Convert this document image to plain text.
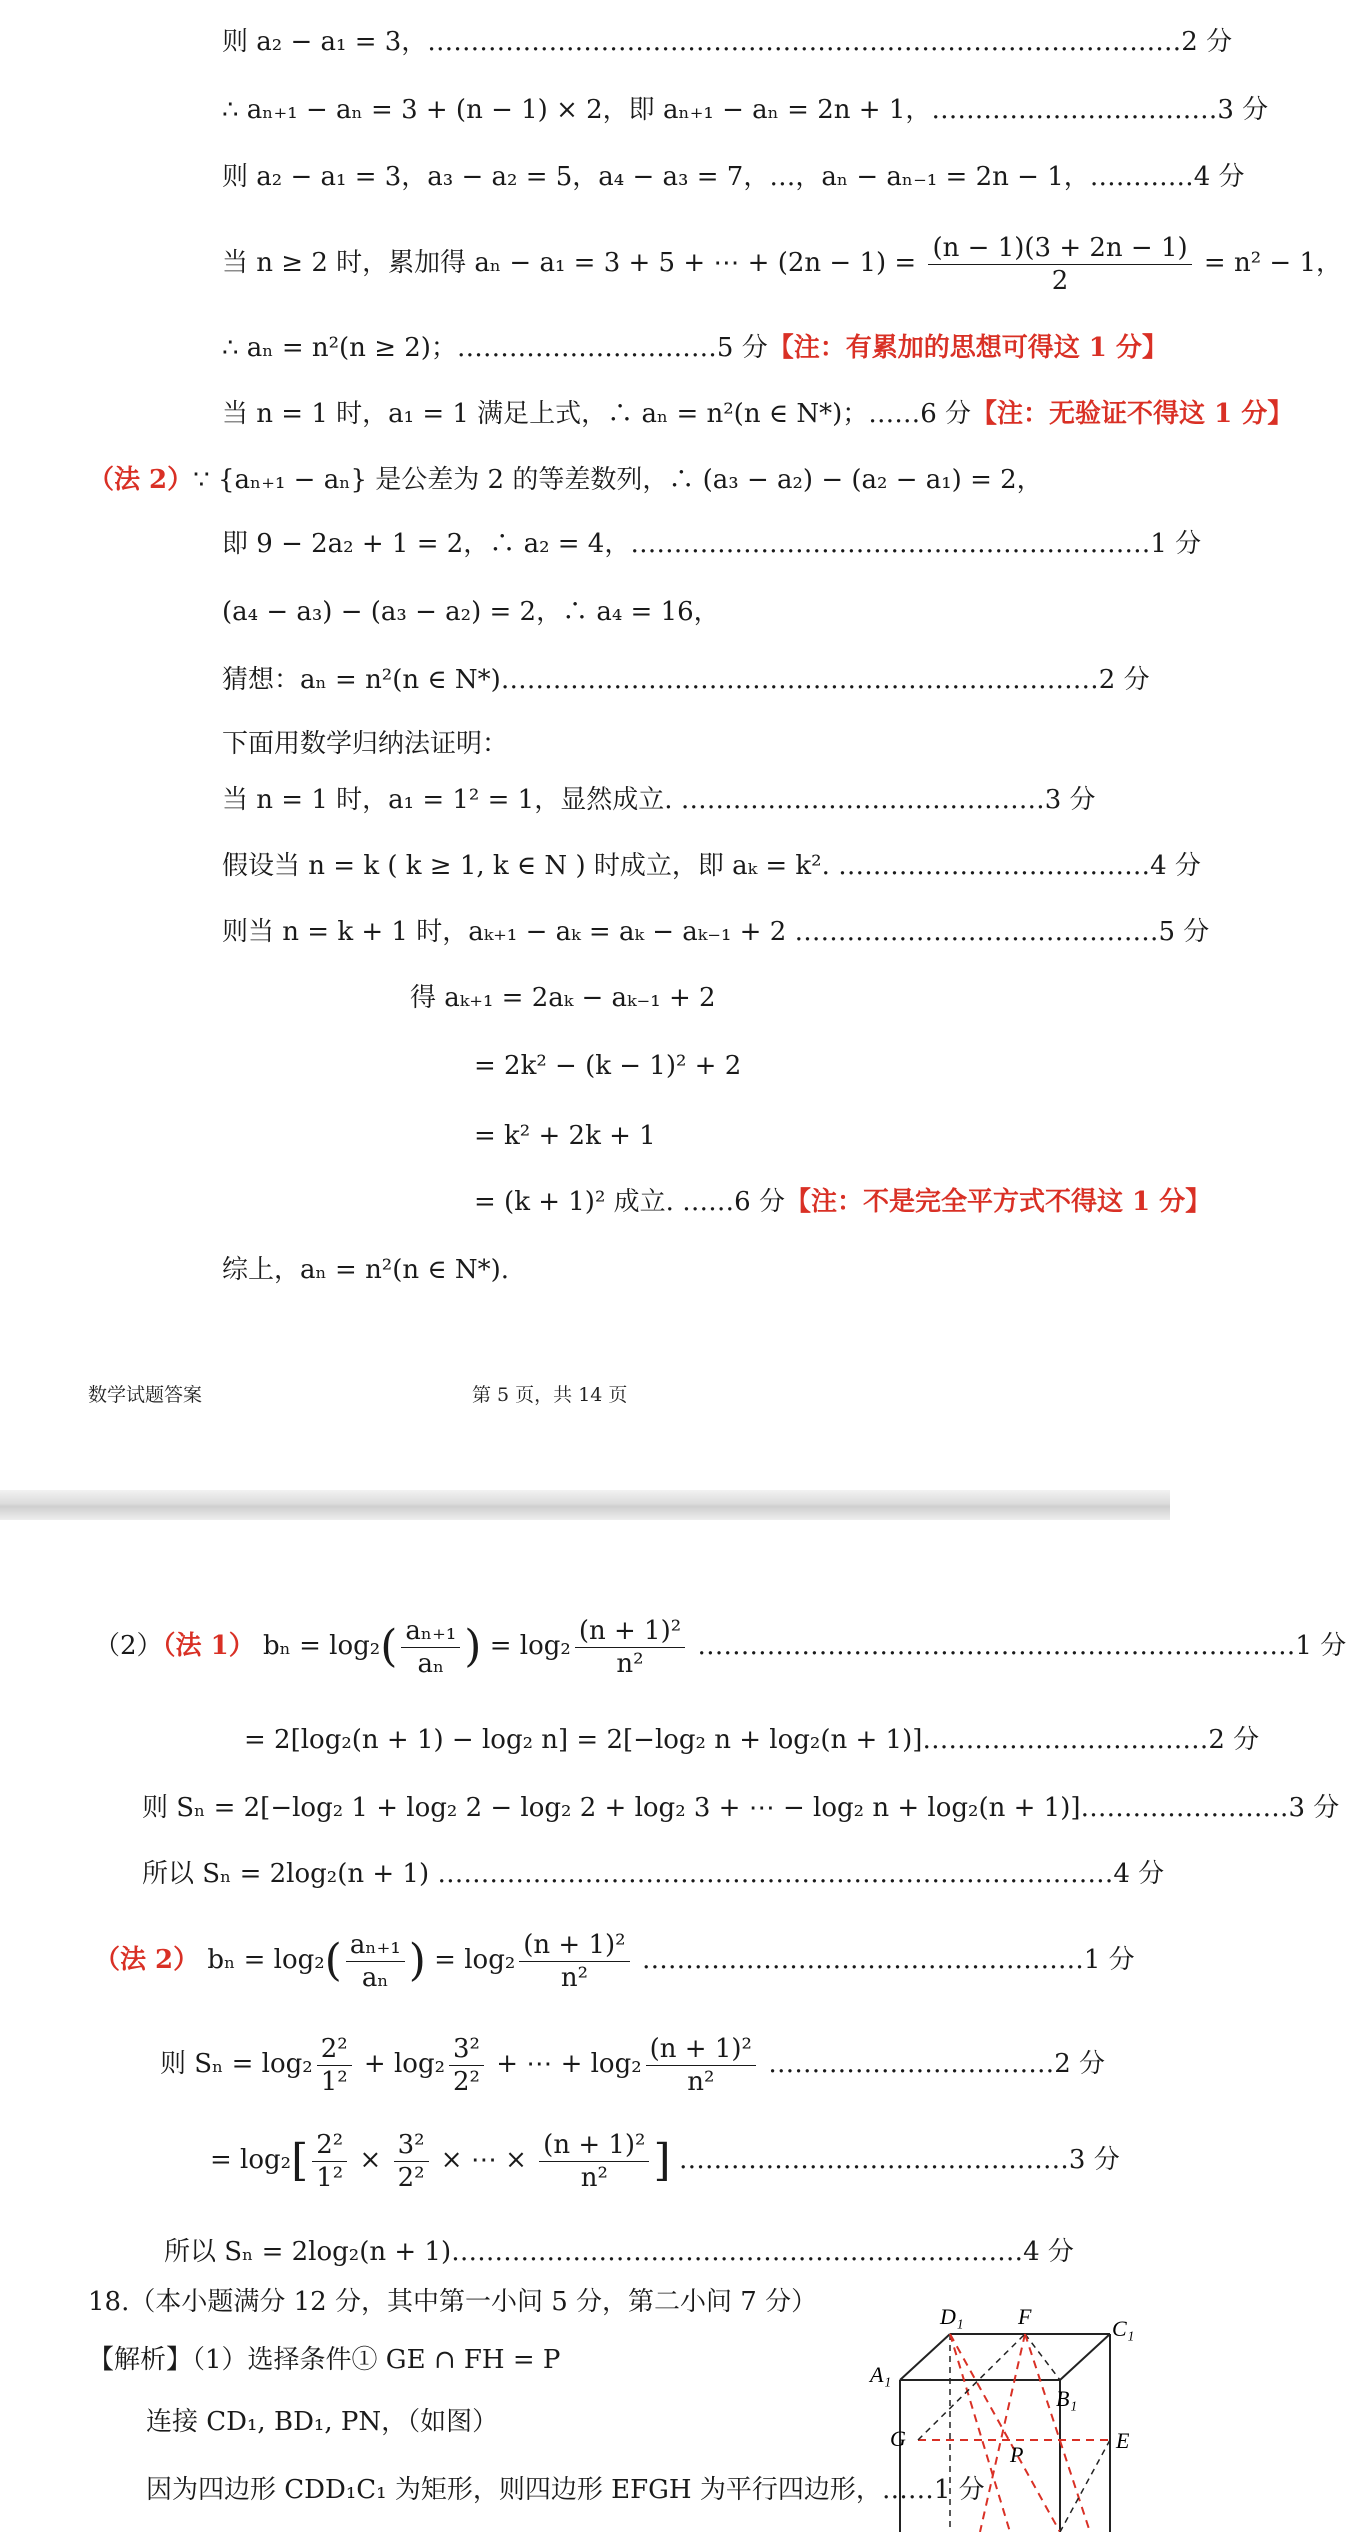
则 a₂ − a₁ = 3，……………………………………………………………………………2 分
∴ aₙ₊₁ − aₙ = 3 + (n − 1) × 2，即 aₙ₊₁ − aₙ = 2n + 1，……………………………3 分
则 a₂ − a₁ = 3，a₃ − a₂ = 5，a₄ − a₃ = 7，…，aₙ − aₙ₋₁ = 2n − 1，…………4 分
当 n ≥ 2 时，累加得 aₙ − a₁ = 3 + 5 + ⋯ + $(2n - 1) = \frac{(n - 1)(3 + 2n - 1)}{2} = n^2 - 1$，
∴ aₙ = n²(n ≥ 2)；…………………………5 分【注：有累加的思想可得这 1 分】
当 n = 1 时，a₁ = 1 满足上式，∴ aₙ = n²(n ∈ N*)；……6 分【注：无验证不得这 1 分】
（法 2）∵ {aₙ₊₁ − aₙ} 是公差为 2 的等差数列，∴ (a₃ − a₂) − (a₂ − a₁) = 2，
即 9 − 2a₂ + 1 = 2，∴ a₂ = 4，……………………………………………………1 分
(a₄ − a₃) − (a₃ − a₂) = 2，∴ a₄ = 16，
猜想：aₙ = n²(n ∈ N*)……………………………………………………………2 分
下面用数学归纳法证明：
当 n = 1 时，a₁ = 1² = 1，显然成立. ……………………………………3 分
假设当 n = k ( k ≥ 1, k ∈ N ) 时成立，即 aₖ = k². ………………………………4 分
则当 n = k + 1 时，aₖ₊₁ − aₖ = aₖ − aₖ₋₁ + 2 ……………………………………5 分
得 aₖ₊₁ = 2aₖ − aₖ₋₁ + 2
= 2k² − (k − 1)² + 2
= k² + 2k + 1
= (k + 1)² 成立. ……6 分【注：不是完全平方式不得这 1 分】
综上，aₙ = n²(n ∈ N*).
数学试题答案	第 5 页，共 14 页
（2）（法 1） $b_n = \log_2( \frac{\text{aₙ₊₁}}{\text{aₙ}}$ ) = $\log_2 \frac{\text{(n + 1)²}}{\text{n²}}$ ……………………………………………………………1 分
= 2[log₂(n + 1) − log₂ n] = 2[−log₂ n + log₂(n + 1)]……………………………2 分
则 Sₙ = 2[−log₂ 1 + log₂ 2 − log₂ 2 + log₂ 3 + ⋯ − log₂ n + log₂(n + 1)]……………………3 分
所以 Sₙ = 2log₂(n + 1) ……………………………………………………………………4 分
（法 2） $b_n = \log_2( \frac{\text{aₙ₊₁}}{\text{aₙ}}$ ) = $\log_2 \frac{\text{(n + 1)²}}{\text{n²}}$ ……………………………………………1 分
则 $S_n = \log_2 \frac{\text{2²}}{\text{1²}} + \log_2 \frac{\text{3²}}{\text{2²}}$ + ⋯ + $\log_2 \frac{\text{(n + 1)²}}{\text{n²}}$ ……………………………2 分
= $\log_2[ \frac{\text{2²}}{\text{1²}} \times \frac{\text{3²}}{\text{2²}}$ × ⋯ × $\frac{\text{(n + 1)²}}{\text{n²}}$ ] ………………………………………3 分
所以 Sₙ = 2log₂(n + 1)…………………………………………………………4 分
18.（本小题满分 12 分，其中第一小问 5 分，第二小问 7 分）
【解析】（1）选择条件① GE ∩ FH = P
连接 CD₁, BD₁, PN，（如图）
因为四边形 CDD₁C₁ 为矩形，则四边形 EFGH 为平行四边形，……1 分
D₁ F	C₁
A₁
B₁
G
P
E
